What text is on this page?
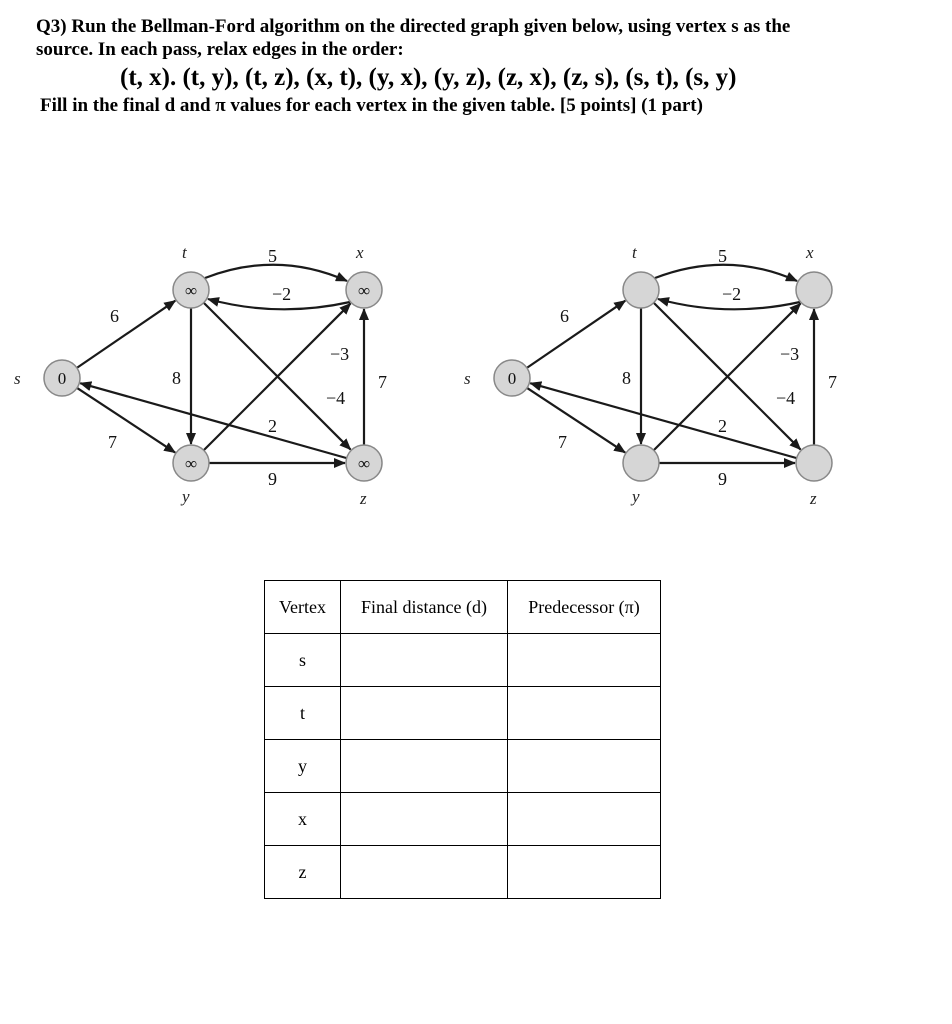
Q3) Run the Bellman-Ford algorithm on the directed graph given below, using vertex s as the
source. In each pass, relax edges in the order:
(t, x). (t, y), (t, z), (x, t), (y, x), (y, z), (z, x), (z, s), (s, t), (s, y)
Fill in the final d and π values for each vertex in the given table. [5 points] (1 part)
0
s
∞
t
∞
x
∞
y
∞
z
5
−2
6
7
8
−3
−4
7
2
9
0
s
t	x
y	z
5
−2
6
7
8
−3
−4
7
2
9
Vertex	Final distance (d)	Predecessor (π)
s		
t		
y		
x		
z		
